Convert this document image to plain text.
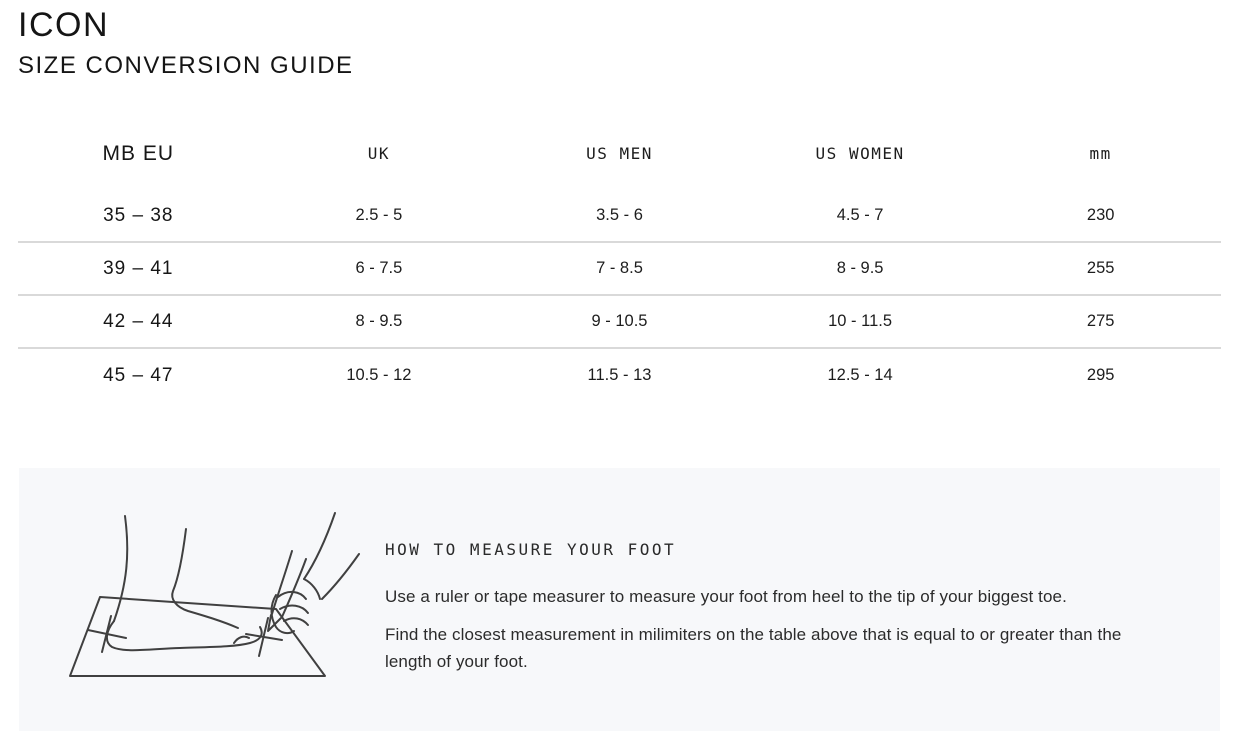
ICON
SIZE CONVERSION GUIDE
MB EU	UK	US MEN	US WOMEN	mm
35 – 38	2.5 - 5	3.5 - 6	4.5 - 7	230
39 – 41	6 - 7.5	7 - 8.5	8 - 9.5	255
42 – 44	8 - 9.5	9 - 10.5	10 - 11.5	275
45 – 47	10.5 - 12	11.5 - 13	12.5 - 14	295
HOW TO MEASURE YOUR FOOT

Use a ruler or tape measurer to measure your foot from heel to the tip of your biggest toe.

Find the closest measurement in milimiters on the table above that is equal to or greater than the length of your foot.
